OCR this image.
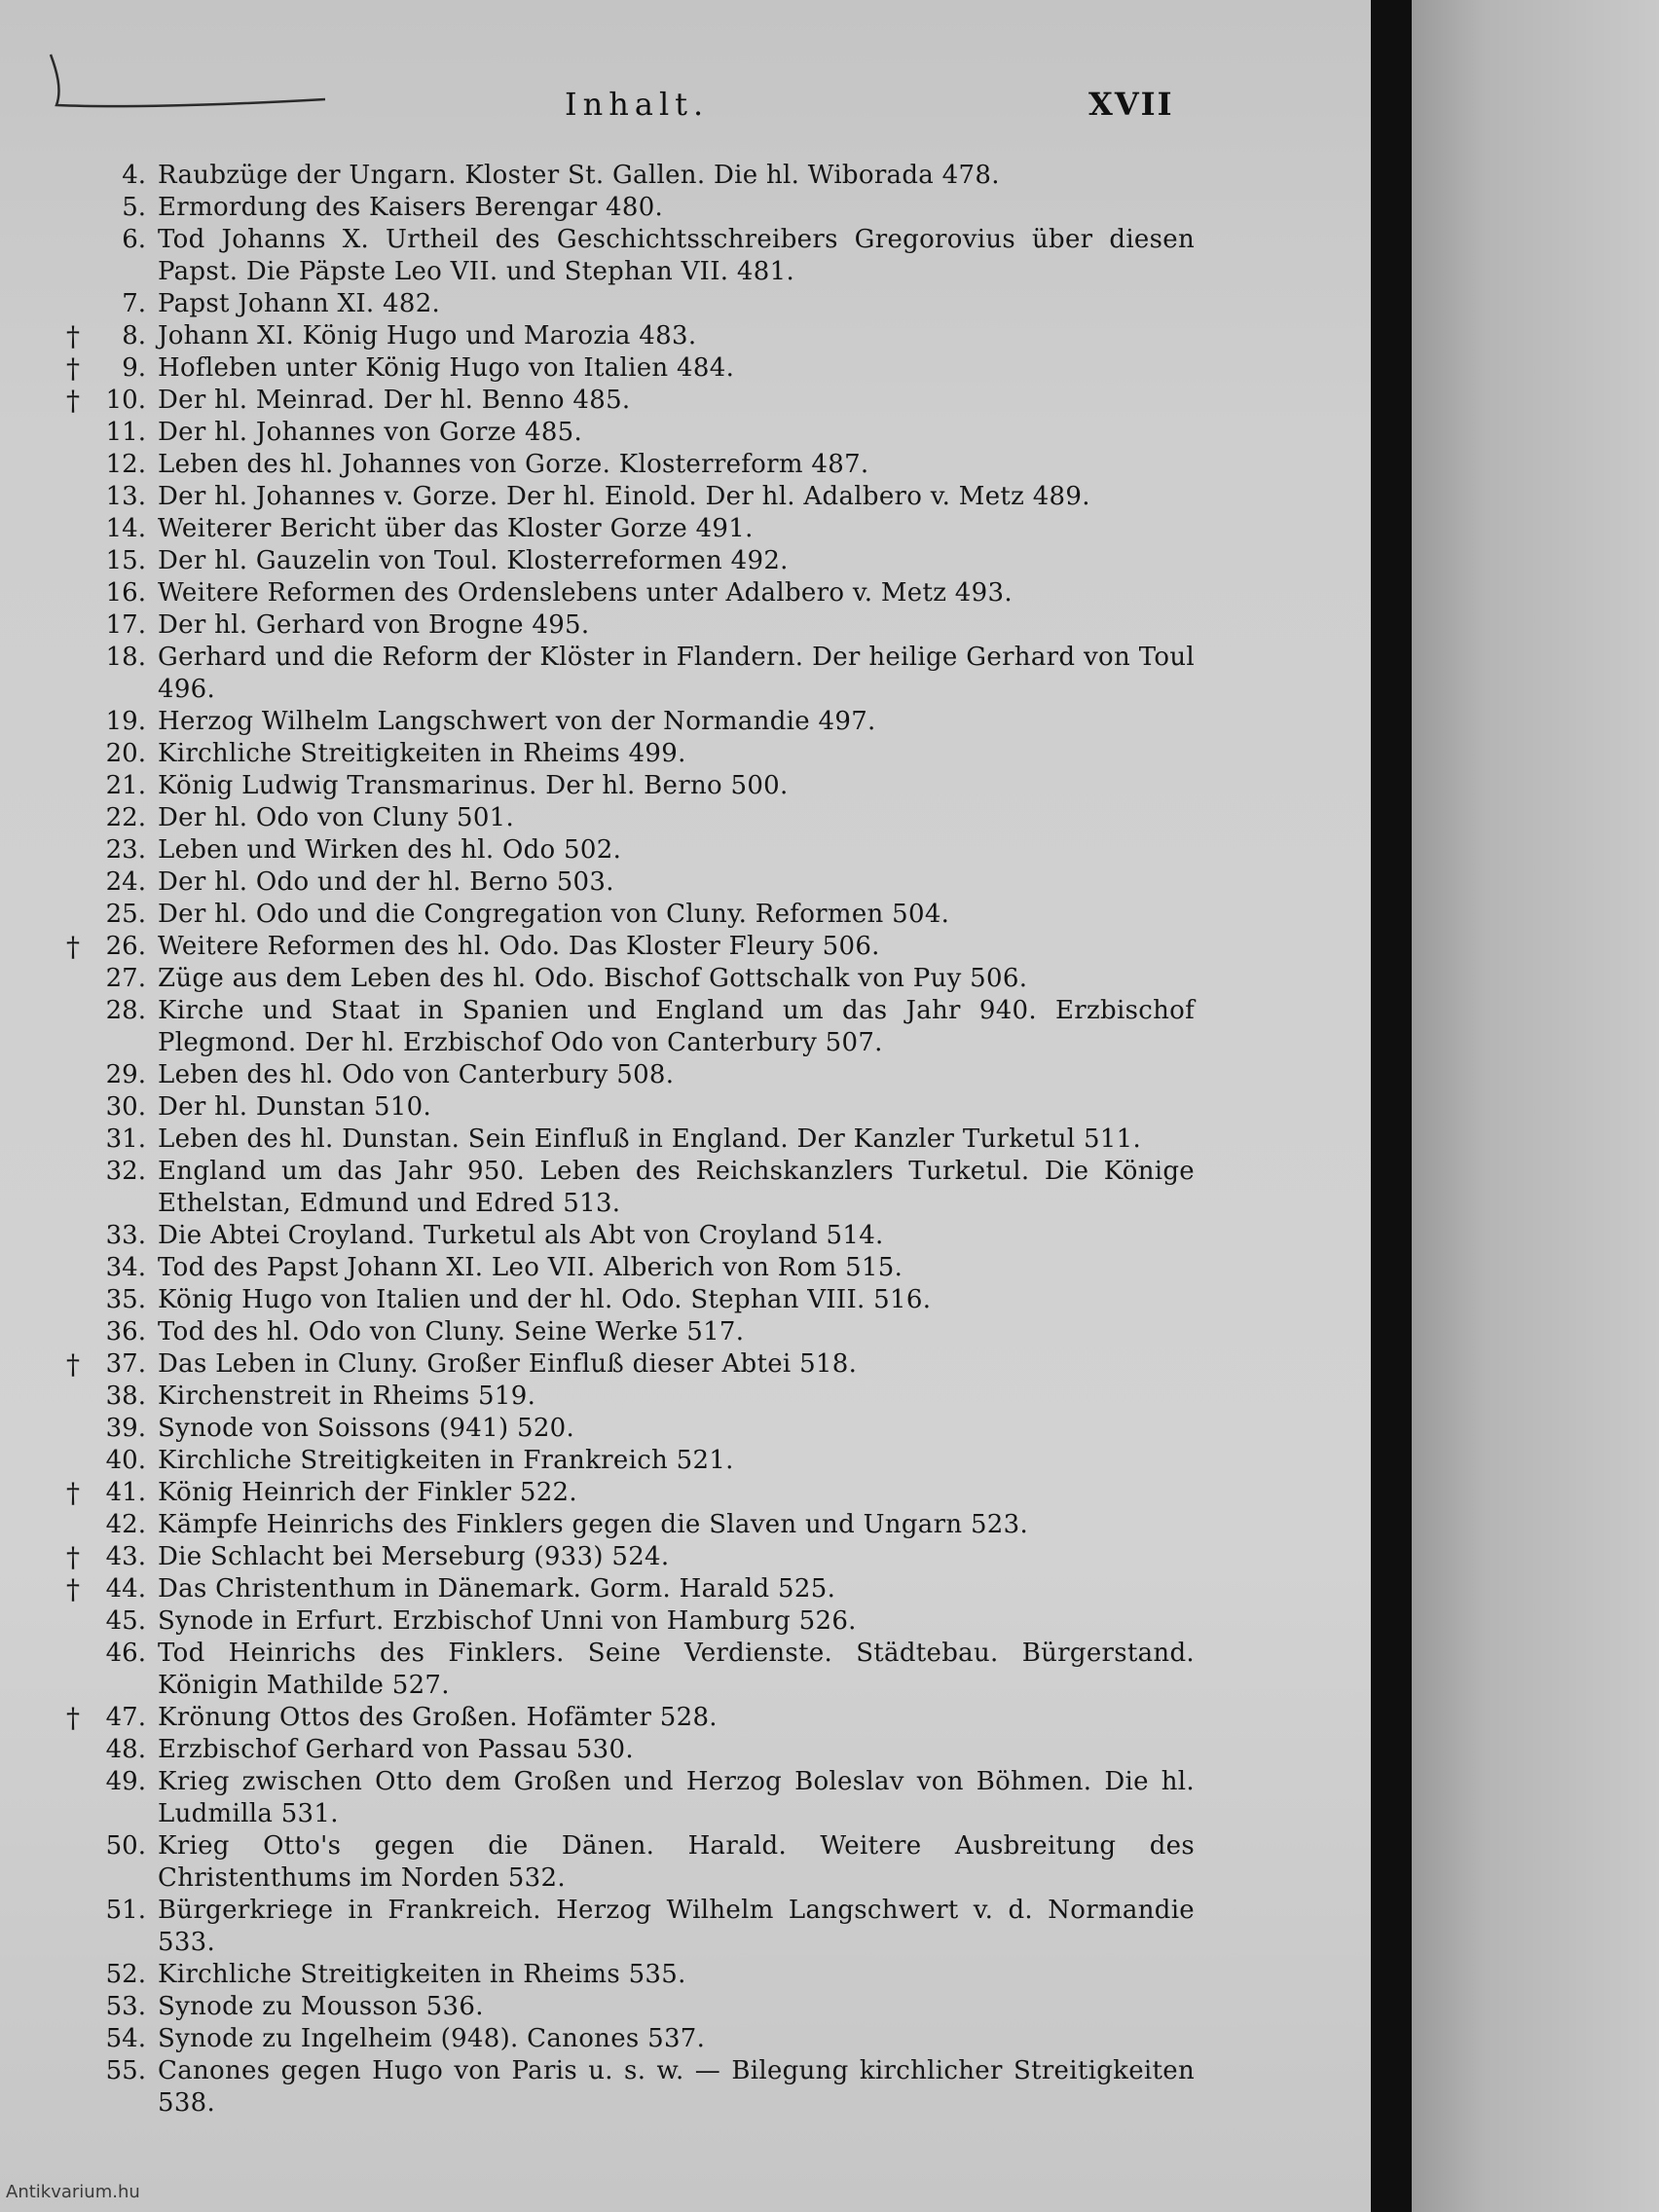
Inhalt.	XVII
4. Raubzüge der Ungarn. Kloster St. Gallen. Die hl. Wiborada 478.
5. Ermordung des Kaisers Berengar 480.
6. Tod Johanns X. Urtheil des Geschichtsschreibers Gregorovius über diesen Papst. Die Päpste Leo VII. und Stephan VII. 481.
7. Papst Johann XI. 482.
†	8. Johann XI. König Hugo und Marozia 483.
†	9. Hofleben unter König Hugo von Italien 484.
†	10. Der hl. Meinrad. Der hl. Benno 485.
11. Der hl. Johannes von Gorze 485.
12. Leben des hl. Johannes von Gorze. Klosterreform 487.
13. Der hl. Johannes v. Gorze. Der hl. Einold. Der hl. Adalbero v. Metz 489.
14. Weiterer Bericht über das Kloster Gorze 491.
15. Der hl. Gauzelin von Toul. Klosterreformen 492.
16. Weitere Reformen des Ordenslebens unter Adalbero v. Metz 493.
17. Der hl. Gerhard von Brogne 495.
18. Gerhard und die Reform der Klöster in Flandern. Der heilige Gerhard von Toul 496.
19. Herzog Wilhelm Langschwert von der Normandie 497.
20. Kirchliche Streitigkeiten in Rheims 499.
21. König Ludwig Transmarinus. Der hl. Berno 500.
22. Der hl. Odo von Cluny 501.
23. Leben und Wirken des hl. Odo 502.
24. Der hl. Odo und der hl. Berno 503.
25. Der hl. Odo und die Congregation von Cluny. Reformen 504.
†	26. Weitere Reformen des hl. Odo. Das Kloster Fleury 506.
27. Züge aus dem Leben des hl. Odo. Bischof Gottschalk von Puy 506.
28. Kirche und Staat in Spanien und England um das Jahr 940. Erzbischof Plegmond. Der hl. Erzbischof Odo von Canterbury 507.
29. Leben des hl. Odo von Canterbury 508.
30. Der hl. Dunstan 510.
31. Leben des hl. Dunstan. Sein Einfluß in England. Der Kanzler Turketul 511.
32. England um das Jahr 950. Leben des Reichskanzlers Turketul. Die Könige Ethelstan, Edmund und Edred 513.
33. Die Abtei Croyland. Turketul als Abt von Croyland 514.
34. Tod des Papst Johann XI. Leo VII. Alberich von Rom 515.
35. König Hugo von Italien und der hl. Odo. Stephan VIII. 516.
36. Tod des hl. Odo von Cluny. Seine Werke 517.
†	37. Das Leben in Cluny. Großer Einfluß dieser Abtei 518.
38. Kirchenstreit in Rheims 519.
39. Synode von Soissons (941) 520.
40. Kirchliche Streitigkeiten in Frankreich 521.
†	41. König Heinrich der Finkler 522.
42. Kämpfe Heinrichs des Finklers gegen die Slaven und Ungarn 523.
†	43. Die Schlacht bei Merseburg (933) 524.
†	44. Das Christenthum in Dänemark. Gorm. Harald 525.
45. Synode in Erfurt. Erzbischof Unni von Hamburg 526.
46. Tod Heinrichs des Finklers. Seine Verdienste. Städtebau. Bürgerstand. Königin Mathilde 527.
†	47. Krönung Ottos des Großen. Hofämter 528.
48. Erzbischof Gerhard von Passau 530.
49. Krieg zwischen Otto dem Großen und Herzog Boleslav von Böhmen. Die hl. Ludmilla 531.
50. Krieg Otto's gegen die Dänen. Harald. Weitere Ausbreitung des Christenthums im Norden 532.
51. Bürgerkriege in Frankreich. Herzog Wilhelm Langschwert v. d. Normandie 533.
52. Kirchliche Streitigkeiten in Rheims 535.
53. Synode zu Mousson 536.
54. Synode zu Ingelheim (948). Canones 537.
55. Canones gegen Hugo von Paris u. s. w. — Bilegung kirchlicher Streitigkeiten 538.
Antikvarium.hu
